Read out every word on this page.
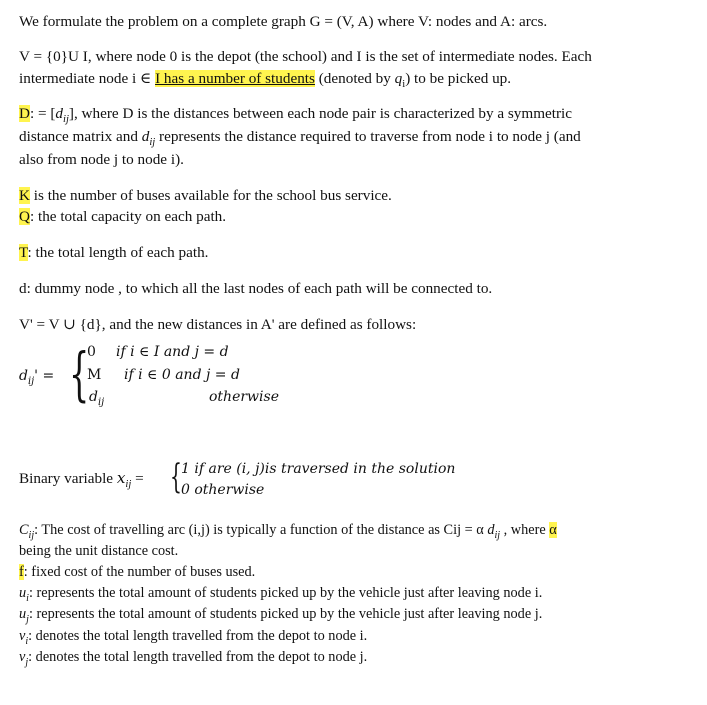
We formulate the problem on a complete graph G = (V, A) where V: nodes and A: arcs.
V = {0}U I, where node 0 is the depot (the school) and I is the set of intermediate nodes. Each
intermediate node i ∈ I has a number of students (denoted by $q_i$) to be picked up.
D: = $[d_{ij}]$, where D is the distances between each node pair is characterized by a symmetric
distance matrix and $d_{ij}$ represents the distance required to traverse from node i to node j (and
also from node j to node i).
K is the number of buses available for the school bus service.
Q: the total capacity on each path.
T: the total length of each path.
d: dummy node , to which all the last nodes of each path will be connected to.
V' = V ∪ {d}, and the new distances in A' are defined as follows:
$d_{ij}'$ = {
0 if i ∈ I and j = d
M if i ∈ 0 and j = d
$d_{ij}$	otherwise
Binary variable $x_{ij}$ = { 1 if are (i, j)is traversed in the solution
0 otherwise
$C_{ij}$: The cost of travelling arc (i,j) is typically a function of the distance as Cij = α $d_{ij}$ , where α
being the unit distance cost.
f: fixed cost of the number of buses used.
$u_i$: represents the total amount of students picked up by the vehicle just after leaving node i.
$u_j$: represents the total amount of students picked up by the vehicle just after leaving node j.
$v_i$: denotes the total length travelled from the depot to node i.
$v_j$: denotes the total length travelled from the depot to node j.
